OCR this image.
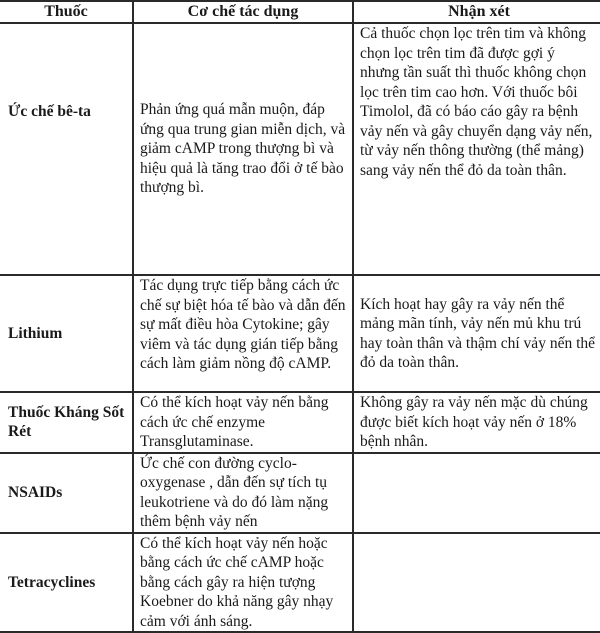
Thuốc	Cơ chế tác dụng	Nhận xét
Ức chế bê-ta	Phản ứng quá mẫn muộn, đáp ứng qua trung gian miễn dịch, và giảm cAMP trong thượng bì và hiệu quả là tăng trao đổi ở tế bào thượng bì.	Cả thuốc chọn lọc trên tim và không chọn lọc trên tim đã được gợi ý nhưng tần suất thì thuốc không chọn lọc trên tim cao hơn. Với thuốc bôi Timolol, đã có báo cáo gây ra bệnh vảy nến và gây chuyển dạng vảy nến, từ vảy nến thông thường (thể mảng) sang vảy nến thể đỏ da toàn thân.
Lithium	Tác dụng trực tiếp bằng cách ức chế sự biệt hóa tế bào và dẫn đến sự mất điều hòa Cytokine; gây viêm và tác dụng gián tiếp bằng cách làm giảm nồng độ cAMP.	Kích hoạt hay gây ra vảy nến thể mảng mãn tính, vảy nến mủ khu trú hay toàn thân và thậm chí vảy nến thể đỏ da toàn thân.
Thuốc Kháng Sốt Rét	Có thể kích hoạt vảy nến bằng cách ức chế enzyme Transglutaminase.	Không gây ra vảy nến mặc dù chúng được biết kích hoạt vảy nến ở 18% bệnh nhân.
NSAIDs	Ức chế con đường cyclo-oxygenase , dẫn đến sự tích tụ leukotriene và do đó làm nặng thêm bệnh vảy nến	
Tetracyclines	Có thể kích hoạt vảy nến hoặc bằng cách ức chế cAMP hoặc bằng cách gây ra hiện tượng Koebner do khả năng gây nhạy cảm với ánh sáng.	
